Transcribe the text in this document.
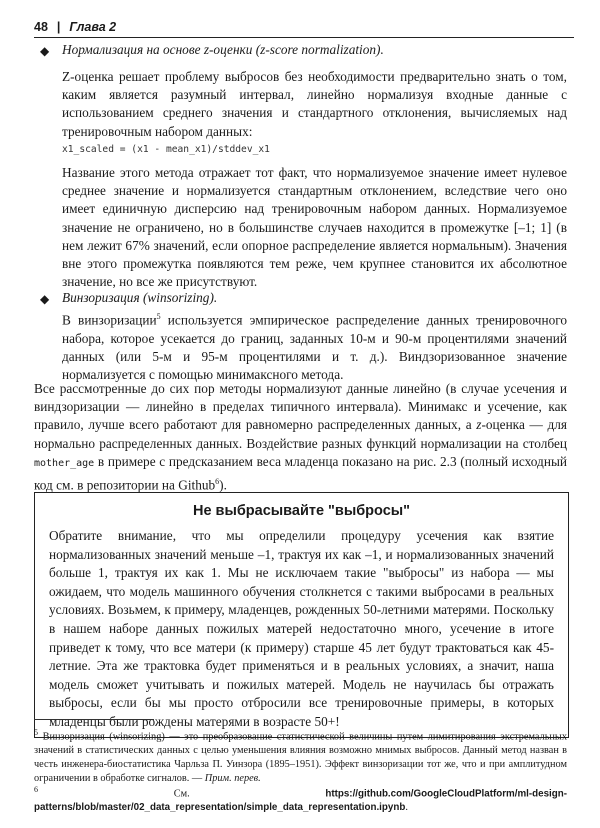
48 | Глава 2
◆ Нормализация на основе z-оценки (z-score normalization).

Z-оценка решает проблему выбросов без необходимости предварительно знать о том, каким является разумный интервал, линейно нормализуя входные данные с использованием среднего значения и стандартного отклонения, вычисляемых над тренировочным набором данных:

x1_scaled = (x1 - mean_x1)/stddev_x1

Название этого метода отражает тот факт, что нормализуемое значение имеет нулевое среднее значение и нормализуется стандартным отклонением, вследствие чего оно имеет единичную дисперсию над тренировочным набором данных. Нормализуемое значение не ограничено, но в большинстве случаев находится в промежутке [–1; 1] (в нем лежит 67% значений, если опорное распределение является нормальным). Значения вне этого промежутка появляются тем реже, чем крупнее становится их абсолютное значение, но все же присутствуют.

◆ Винзоризация (winsorizing).

В винзоризации$^5$ используется эмпирическое распределение данных тренировочного набора, которое усекается до границ, заданных 10-м и 90-м процентилями значений данных (или 5-м и 95-м процентилями и т. д.). Виндзоризованное значение нормализуется с помощью минимаксного метода.

Все рассмотренные до сих пор методы нормализуют данные линейно (в случае усечения и виндзоризации — линейно в пределах типичного интервала). Минимакс и усечение, как правило, лучше всего работают для равномерно распределенных данных, а z-оценка — для нормально распределенных данных. Воздействие разных функций нормализации на столбец mother_age в примере с предсказанием веса младенца показано на рис. 2.3 (полный исходный код см. в репозитории на Github$^6$).

Не выбрасывайте "выбросы"

Обратите внимание, что мы определили процедуру усечения как взятие нормализованных значений меньше –1, трактуя их как –1, и нормализованных значений больше 1, трактуя их как 1. Мы не исключаем такие "выбросы" из набора — мы ожидаем, что модель машинного обучения столкнется с такими выбросами в реальных условиях. Возьмем, к примеру, младенцев, рожденных 50-летними матерями. Поскольку в нашем наборе данных пожилых матерей недостаточно много, усечение в итоге приведет к тому, что все матери (к примеру) старше 45 лет будут трактоваться как 45-летние. Эта же трактовка будет применяться и в реальных условиях, а значит, наша модель сможет учитывать и пожилых матерей. Модель не научилась бы отражать выбросы, если бы мы просто отбросили все тренировочные примеры, в которых младенцы были рождены матерями в возрасте 50+!

$^5$ Винзоризация (winsorizing) — это преобразование статистической величины путем лимитирования экстремальных значений в статистических данных с целью уменьшения влияния возможно мнимых выбросов. Данный метод назван в честь инженера-биостатистика Чарльза П. Уинзора (1895–1951). Эффект винзоризации тот же, что и при амплитудном ограничении в обработке сигналов. — Прим. перев.

$^6$ См. https://github.com/GoogleCloudPlatform/ml-design-patterns/blob/master/02_data_representation/simple_data_representation.ipynb.
